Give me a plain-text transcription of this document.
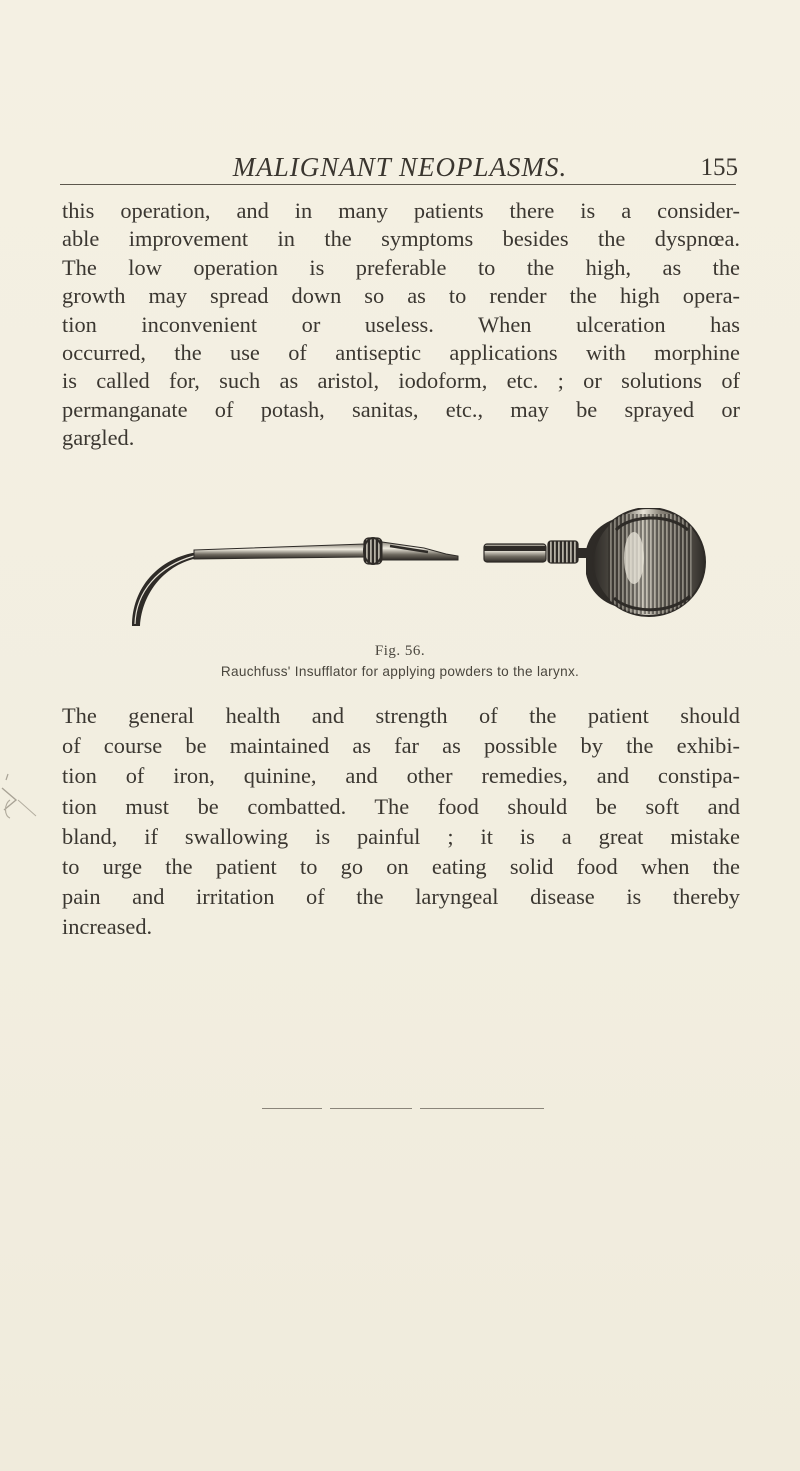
MALIGNANT NEOPLASMS.	155

this operation, and in many patients there is a consider-
able improvement in the symptoms besides the dyspnœa.
The low operation is preferable to the high, as the
growth may spread down so as to render the high opera-
tion inconvenient or useless. When ulceration has
occurred, the use of antiseptic applications with morphine
is called for, such as aristol, iodoform, etc. ; or solutions of
permanganate of potash, sanitas, etc., may be sprayed or
gargled.

Fig. 56.
Rauchfuss' Insufflator for applying powders to the larynx.

The general health and strength of the patient should
of course be maintained as far as possible by the exhibi-
tion of iron, quinine, and other remedies, and constipa-
tion must be combatted. The food should be soft and
bland, if swallowing is painful ; it is a great mistake
to urge the patient to go on eating solid food when the
pain and irritation of the laryngeal disease is thereby
increased.
